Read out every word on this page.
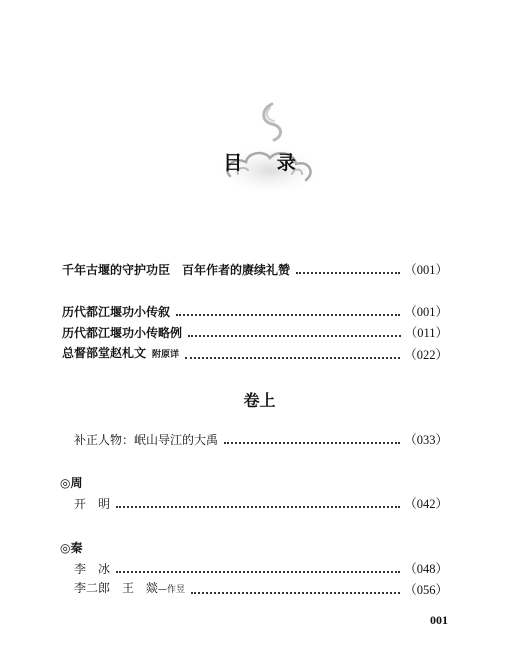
目 录
千年古堰的守护功臣　百年作者的赓续礼赞	（001）
历代都江堰功小传叙	（001）
历代都江堰功小传略例	（011）
总督部堂赵札文 附原详	（022）
卷上
补正人物：岷山导江的大禹	（033）
◎周
开　明	（042）
◎秦
李　冰	（048）
李二郎　王　燚—作昱	（056）
001
